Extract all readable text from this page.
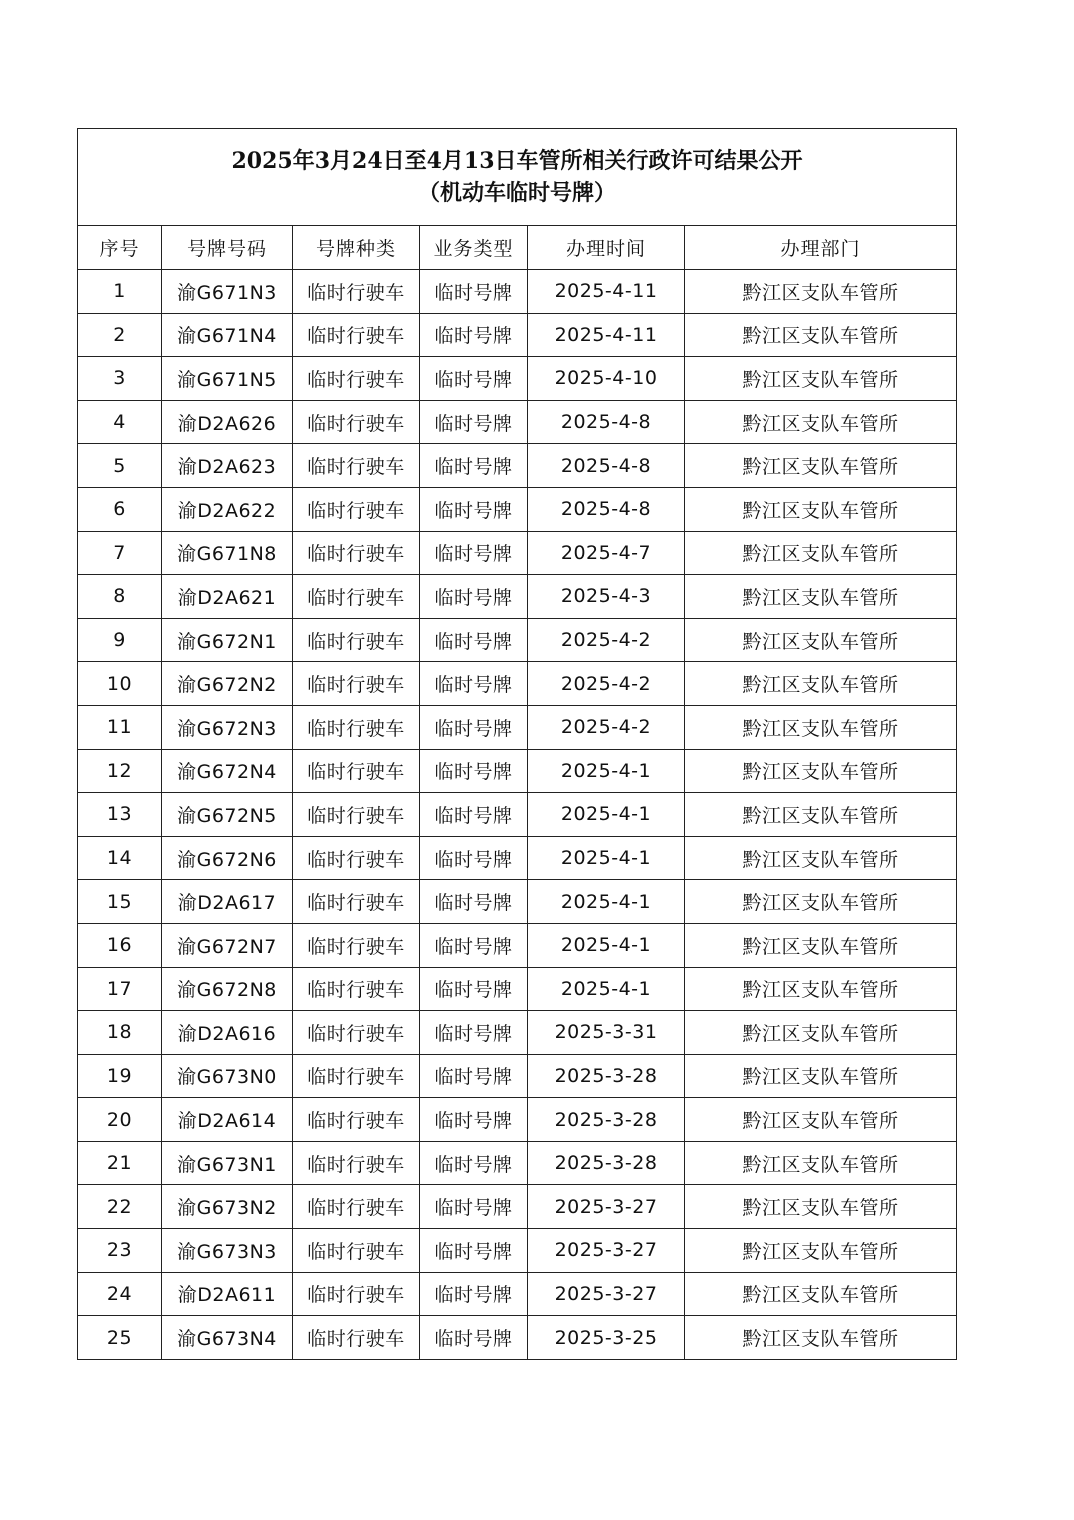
2025年3月24日至4月13日车管所相关行政许可结果公开
（机动车临时号牌）					

序号	号牌号码	号牌种类	业务类型	办理时间	办理部门
1	渝G671N3	临时行驶车	临时号牌	2025-4-11	黔江区支队车管所
2	渝G671N4	临时行驶车	临时号牌	2025-4-11	黔江区支队车管所
3	渝G671N5	临时行驶车	临时号牌	2025-4-10	黔江区支队车管所
4	渝D2A626	临时行驶车	临时号牌	2025-4-8	黔江区支队车管所
5	渝D2A623	临时行驶车	临时号牌	2025-4-8	黔江区支队车管所
6	渝D2A622	临时行驶车	临时号牌	2025-4-8	黔江区支队车管所
7	渝G671N8	临时行驶车	临时号牌	2025-4-7	黔江区支队车管所
8	渝D2A621	临时行驶车	临时号牌	2025-4-3	黔江区支队车管所
9	渝G672N1	临时行驶车	临时号牌	2025-4-2	黔江区支队车管所
10	渝G672N2	临时行驶车	临时号牌	2025-4-2	黔江区支队车管所
11	渝G672N3	临时行驶车	临时号牌	2025-4-2	黔江区支队车管所
12	渝G672N4	临时行驶车	临时号牌	2025-4-1	黔江区支队车管所
13	渝G672N5	临时行驶车	临时号牌	2025-4-1	黔江区支队车管所
14	渝G672N6	临时行驶车	临时号牌	2025-4-1	黔江区支队车管所
15	渝D2A617	临时行驶车	临时号牌	2025-4-1	黔江区支队车管所
16	渝G672N7	临时行驶车	临时号牌	2025-4-1	黔江区支队车管所
17	渝G672N8	临时行驶车	临时号牌	2025-4-1	黔江区支队车管所
18	渝D2A616	临时行驶车	临时号牌	2025-3-31	黔江区支队车管所
19	渝G673N0	临时行驶车	临时号牌	2025-3-28	黔江区支队车管所
20	渝D2A614	临时行驶车	临时号牌	2025-3-28	黔江区支队车管所
21	渝G673N1	临时行驶车	临时号牌	2025-3-28	黔江区支队车管所
22	渝G673N2	临时行驶车	临时号牌	2025-3-27	黔江区支队车管所
23	渝G673N3	临时行驶车	临时号牌	2025-3-27	黔江区支队车管所
24	渝D2A611	临时行驶车	临时号牌	2025-3-27	黔江区支队车管所
25	渝G673N4	临时行驶车	临时号牌	2025-3-25	黔江区支队车管所
